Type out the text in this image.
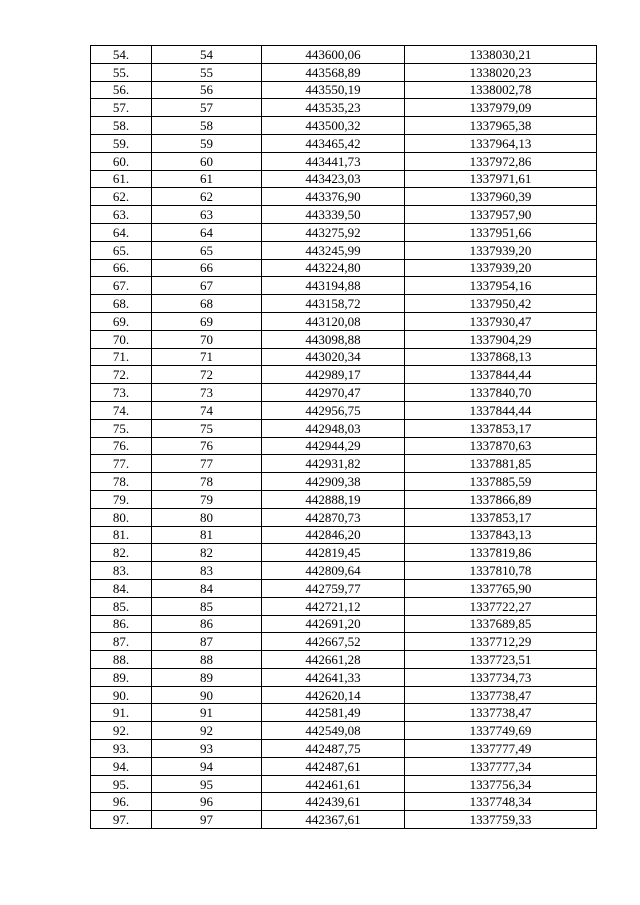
54.	54	443600,06	1338030,21
55.	55	443568,89	1338020,23
56.	56	443550,19	1338002,78
57.	57	443535,23	1337979,09
58.	58	443500,32	1337965,38
59.	59	443465,42	1337964,13
60.	60	443441,73	1337972,86
61.	61	443423,03	1337971,61
62.	62	443376,90	1337960,39
63.	63	443339,50	1337957,90
64.	64	443275,92	1337951,66
65.	65	443245,99	1337939,20
66.	66	443224,80	1337939,20
67.	67	443194,88	1337954,16
68.	68	443158,72	1337950,42
69.	69	443120,08	1337930,47
70.	70	443098,88	1337904,29
71.	71	443020,34	1337868,13
72.	72	442989,17	1337844,44
73.	73	442970,47	1337840,70
74.	74	442956,75	1337844,44
75.	75	442948,03	1337853,17
76.	76	442944,29	1337870,63
77.	77	442931,82	1337881,85
78.	78	442909,38	1337885,59
79.	79	442888,19	1337866,89
80.	80	442870,73	1337853,17
81.	81	442846,20	1337843,13
82.	82	442819,45	1337819,86
83.	83	442809,64	1337810,78
84.	84	442759,77	1337765,90
85.	85	442721,12	1337722,27
86.	86	442691,20	1337689,85
87.	87	442667,52	1337712,29
88.	88	442661,28	1337723,51
89.	89	442641,33	1337734,73
90.	90	442620,14	1337738,47
91.	91	442581,49	1337738,47
92.	92	442549,08	1337749,69
93.	93	442487,75	1337777,49
94.	94	442487,61	1337777,34
95.	95	442461,61	1337756,34
96.	96	442439,61	1337748,34
97.	97	442367,61	1337759,33
